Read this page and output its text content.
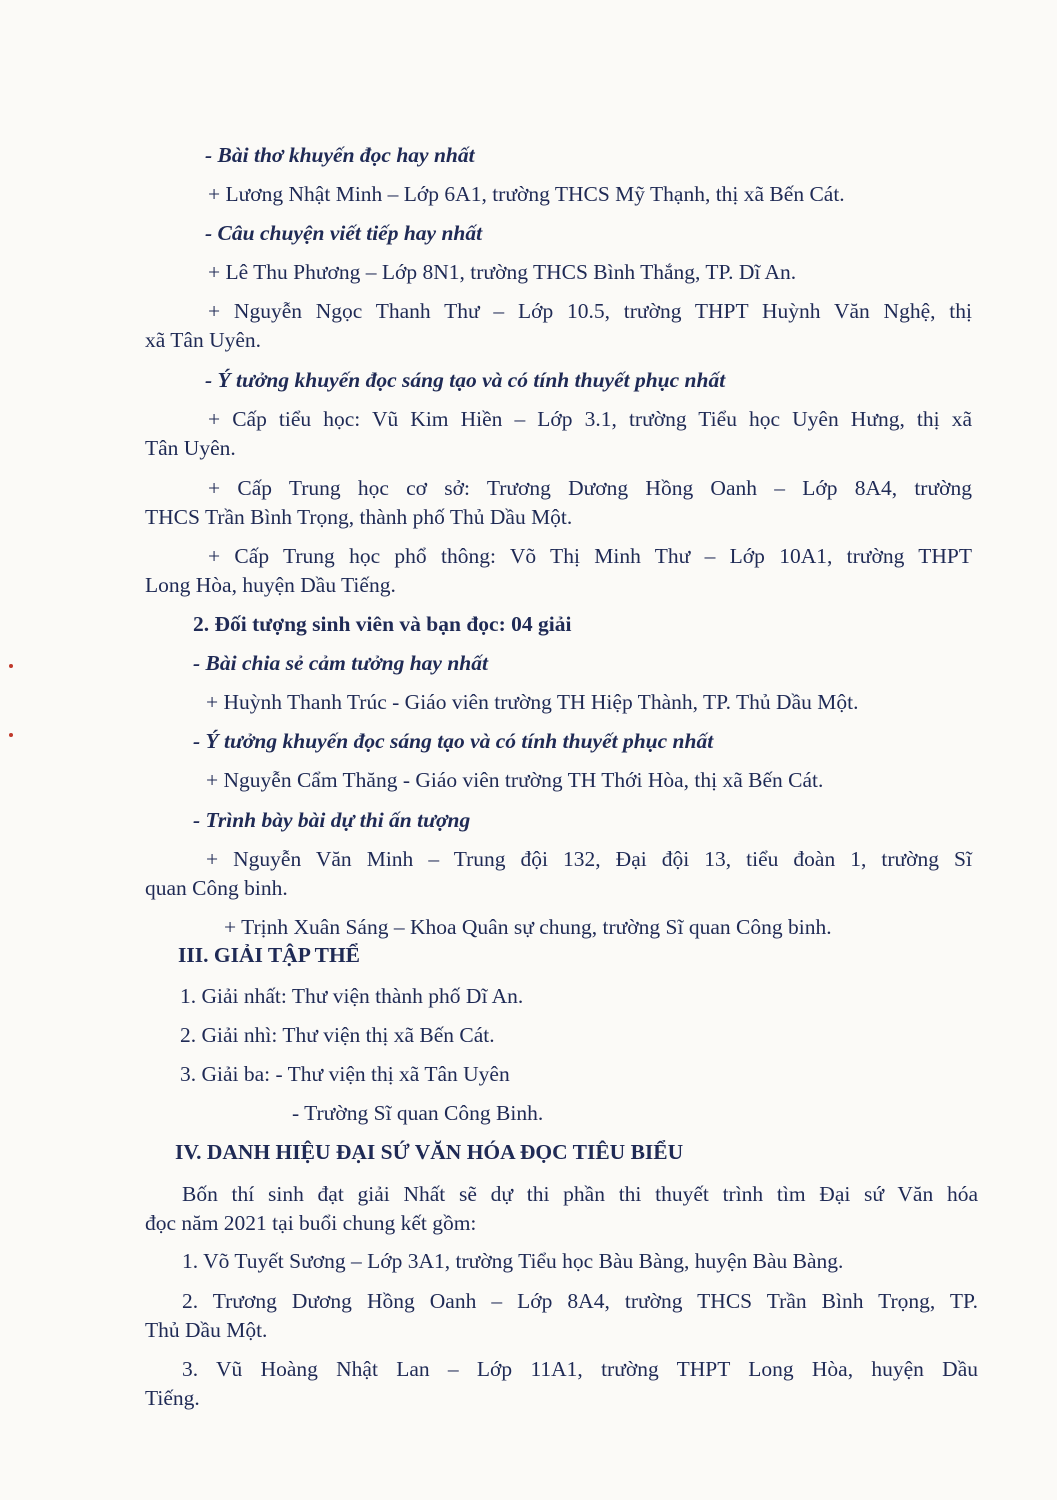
- Bài thơ khuyến đọc hay nhất
+ Lương Nhật Minh – Lớp 6A1, trường THCS Mỹ Thạnh, thị xã Bến Cát.
- Câu chuyện viết tiếp hay nhất
+ Lê Thu Phương – Lớp 8N1, trường THCS Bình Thắng, TP. Dĩ An.
+ Nguyễn Ngọc Thanh Thư – Lớp 10.5, trường THPT Huỳnh Văn Nghệ, thị
xã Tân Uyên.
- Ý tưởng khuyến đọc sáng tạo và có tính thuyết phục nhất
+ Cấp tiểu học: Vũ Kim Hiền – Lớp 3.1, trường Tiểu học Uyên Hưng, thị xã
Tân Uyên.
+ Cấp Trung học cơ sở: Trương Dương Hồng Oanh – Lớp 8A4, trường
THCS Trần Bình Trọng, thành phố Thủ Dầu Một.
+ Cấp Trung học phổ thông: Võ Thị Minh Thư – Lớp 10A1, trường THPT
Long Hòa, huyện Dầu Tiếng.
2. Đối tượng sinh viên và bạn đọc: 04 giải
- Bài chia sẻ cảm tưởng hay nhất
+ Huỳnh Thanh Trúc - Giáo viên trường TH Hiệp Thành, TP. Thủ Dầu Một.
- Ý tưởng khuyến đọc sáng tạo và có tính thuyết phục nhất
+ Nguyễn Cẩm Thăng - Giáo viên trường TH Thới Hòa, thị xã Bến Cát.
- Trình bày bài dự thi ấn tượng
+ Nguyễn Văn Minh – Trung đội 132, Đại đội 13, tiểu đoàn 1, trường Sĩ
quan Công binh.
+ Trịnh Xuân Sáng – Khoa Quân sự chung, trường Sĩ quan Công binh.
III. GIẢI TẬP THỂ
1. Giải nhất: Thư viện thành phố Dĩ An.
2. Giải nhì: Thư viện thị xã Bến Cát.
3. Giải ba: - Thư viện thị xã Tân Uyên
- Trường Sĩ quan Công Binh.
IV. DANH HIỆU ĐẠI SỨ VĂN HÓA ĐỌC TIÊU BIỂU
Bốn thí sinh đạt giải Nhất sẽ dự thi phần thi thuyết trình tìm Đại sứ Văn hóa
đọc năm 2021 tại buổi chung kết gồm:
1. Võ Tuyết Sương – Lớp 3A1, trường Tiểu học Bàu Bàng, huyện Bàu Bàng.
2. Trương Dương Hồng Oanh – Lớp 8A4, trường THCS Trần Bình Trọng, TP.
Thủ Dầu Một.
3. Vũ Hoàng Nhật Lan – Lớp 11A1, trường THPT Long Hòa, huyện Dầu
Tiếng.
